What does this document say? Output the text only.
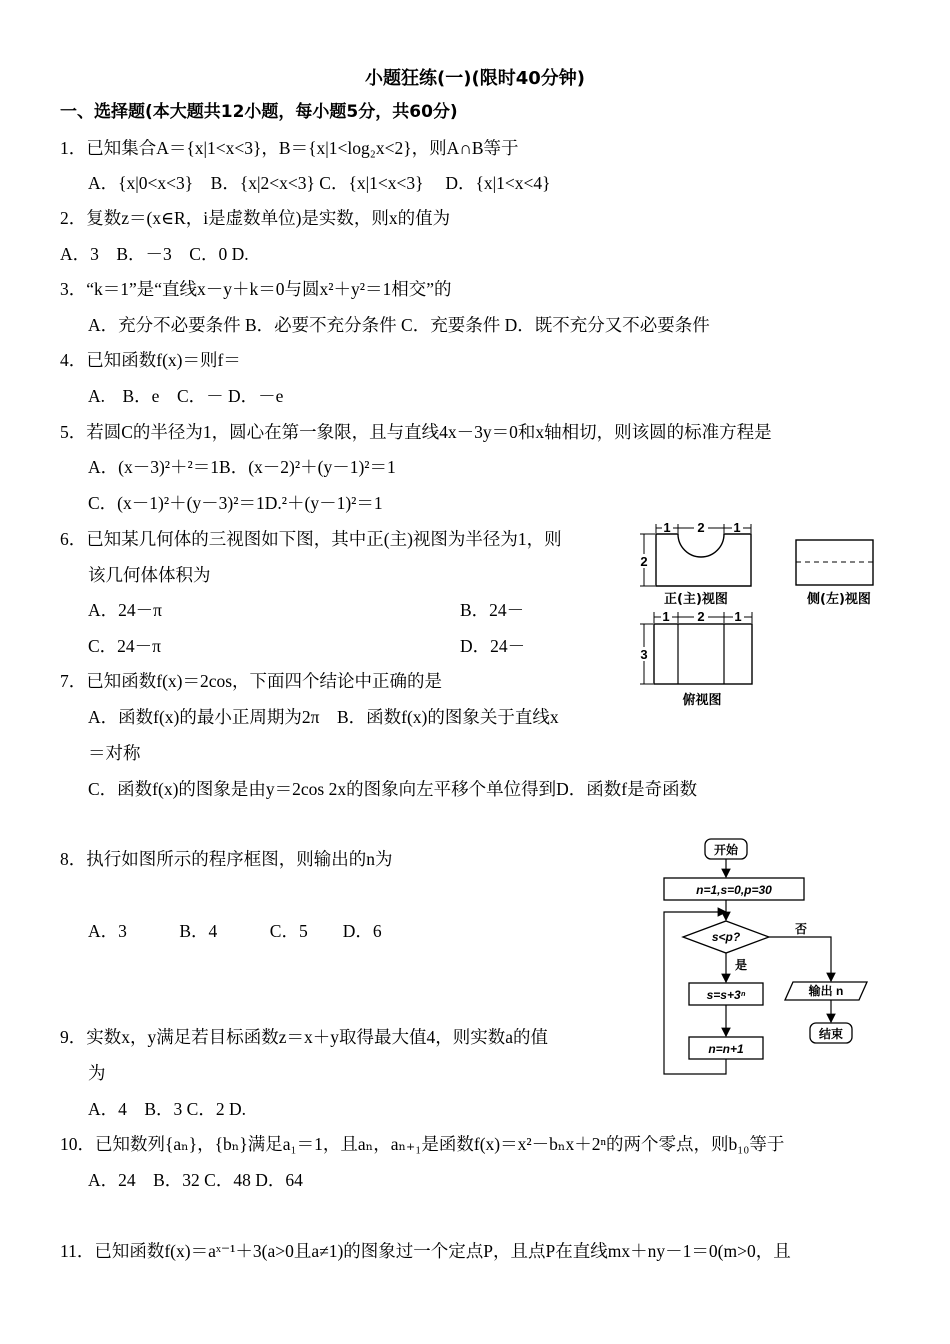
小题狂练(一)(限时40分钟)
一、选择题(本大题共12小题，每小题5分，共60分)
1．已知集合A＝{x|1<x<3}，B＝{x|1<log₂x<2}，则A∩B等于
A．{x|0<x<3}　B．{x|2<x<3} C．{x|1<x<3}　 D．{x|1<x<4}
2．复数z＝(x∈R，i是虚数单位)是实数，则x的值为
A．3　B．－3　C．0 D.
3．“k＝1”是“直线x－y＋k＝0与圆x²＋y²＝1相交”的
A．充分不必要条件 B．必要不充分条件 C．充要条件 D．既不充分又不必要条件
4．已知函数f(x)＝则f＝
A.　B．e　C．－ D．－e
5．若圆C的半径为1，圆心在第一象限，且与直线4x－3y＝0和x轴相切，则该圆的标准方程是
A．(x－3)²＋²＝1B．(x－2)²＋(y－1)²＝1
C．(x－1)²＋(y－3)²＝1D.²＋(y－1)²＝1
6．已知某几何体的三视图如下图，其中正(主)视图为半径为1，则
该几何体体积为
A．24－π	B．24－
C．24－π	D．24－
1 2 1
2
正(主)视图	侧(左)视图
1 2 1
3
俯视图
7．已知函数f(x)＝2cos，下面四个结论中正确的是
A．函数f(x)的最小正周期为2π　B．函数f(x)的图象关于直线x
＝对称
C．函数f(x)的图象是由y＝2cos 2x的图象向左平移个单位得到D．函数f是奇函数
8．执行如图所示的程序框图，则输出的n为
A．3　　　B．4　　　C．5　　D．6
开始
n=1,s=0,p=30
s<p?
否
输出 n
结束
是
s=s+3ⁿ
n=n+1
9．实数x，y满足若目标函数z＝x＋y取得最大值4，则实数a的值
为
A．4　B．3 C．2 D.
10．已知数列{aₙ}，{bₙ}满足a₁＝1，且aₙ，aₙ₊₁是函数f(x)＝x²－bₙx＋2ⁿ的两个零点，则b₁₀等于
A．24　B．32 C．48 D．64
11．已知函数f(x)＝aˣ⁻¹＋3(a>0且a≠1)的图象过一个定点P，且点P在直线mx＋ny－1＝0(m>0，且
